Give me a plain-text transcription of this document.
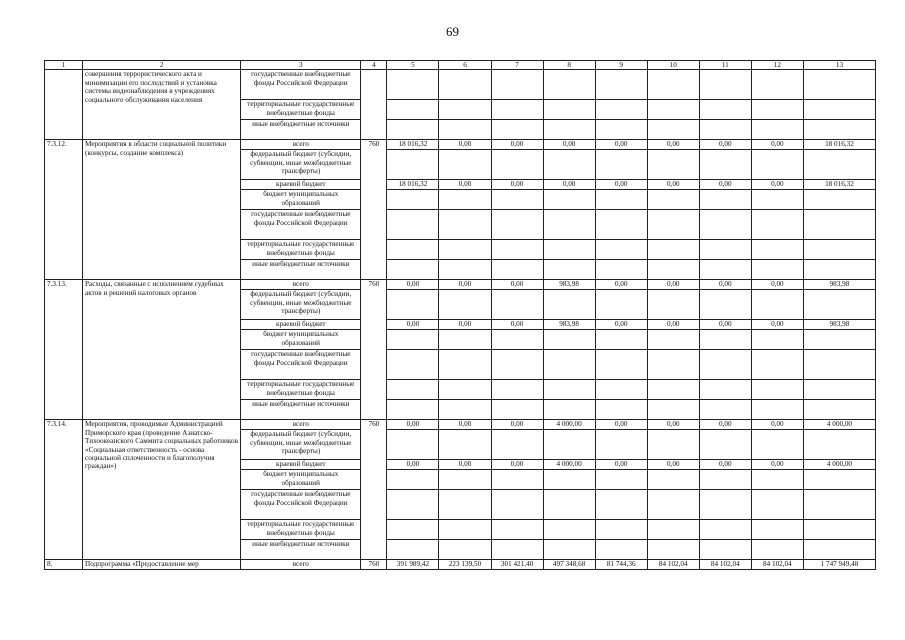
69
1	2	3	4	5	6	7	8	9	10	11	12	13
	совершения террористического акта и минимизации его последствий и установка системы видеонаблюдения в учреждениях социального обслуживания населения	государственные внебюджетные фонды Российской Федерации										
		территориальные государственные внебюджетные фонды										
		иные внебюджетные источники										
7.3.12.	Мероприятия в области социальной политики (конкурсы, создание комплекса)	всего	760	18 016,32	0,00	0,00	0,00	0,00	0,00	0,00	0,00	18 016,32
		федеральный бюджет (субсидии, субвенции, иные межбюджетные трансферты)										
		краевой бюджет		18 016,32	0,00	0,00	0,00	0,00	0,00	0,00	0,00	18 016,32
		бюджет муниципальных образований										
		государственные внебюджетные фонды Российской Федерации										
		территориальные государственные внебюджетные фонды										
		иные внебюджетные источники										
7.3.13.	Расходы, связанные с исполнением судебных актов и решений налоговых органов	всего	760	0,00	0,00	0,00	983,98	0,00	0,00	0,00	0,00	983,98
		федеральный бюджет (субсидии, субвенции, иные межбюджетные трансферты)										
		краевой бюджет		0,00	0,00	0,00	983,98	0,00	0,00	0,00	0,00	983,98
		бюджет муниципальных образований										
		государственные внебюджетные фонды Российской Федерации										
		территориальные государственные внебюджетные фонды										
		иные внебюджетные источники										
7.3.14.	Мероприятия, проводимые Администрацией Приморского края (проведение Азиатско-Тихоокеанского Саммита социальных работников «Социальная ответственность - основа социальной сплоченности и благополучия граждан»)	всего	760	0,00	0,00	0,00	4 000,00	0,00	0,00	0,00	0,00	4 000,00
		федеральный бюджет (субсидии, субвенции, иные межбюджетные трансферты)										
		краевой бюджет		0,00	0,00	0,00	4 000,00	0,00	0,00	0,00	0,00	4 000,00
		бюджет муниципальных образований										
		государственные внебюджетные фонды Российской Федерации										
		территориальные государственные внебюджетные фонды										
		иные внебюджетные источники										
8.	Подпрограмма «Предоставление мер	всего	760	391 989,42	223 139,50	301 421,40	497 348,68	81 744,36	84 102,04	84 102,04	84 102,04	1 747 949,48
